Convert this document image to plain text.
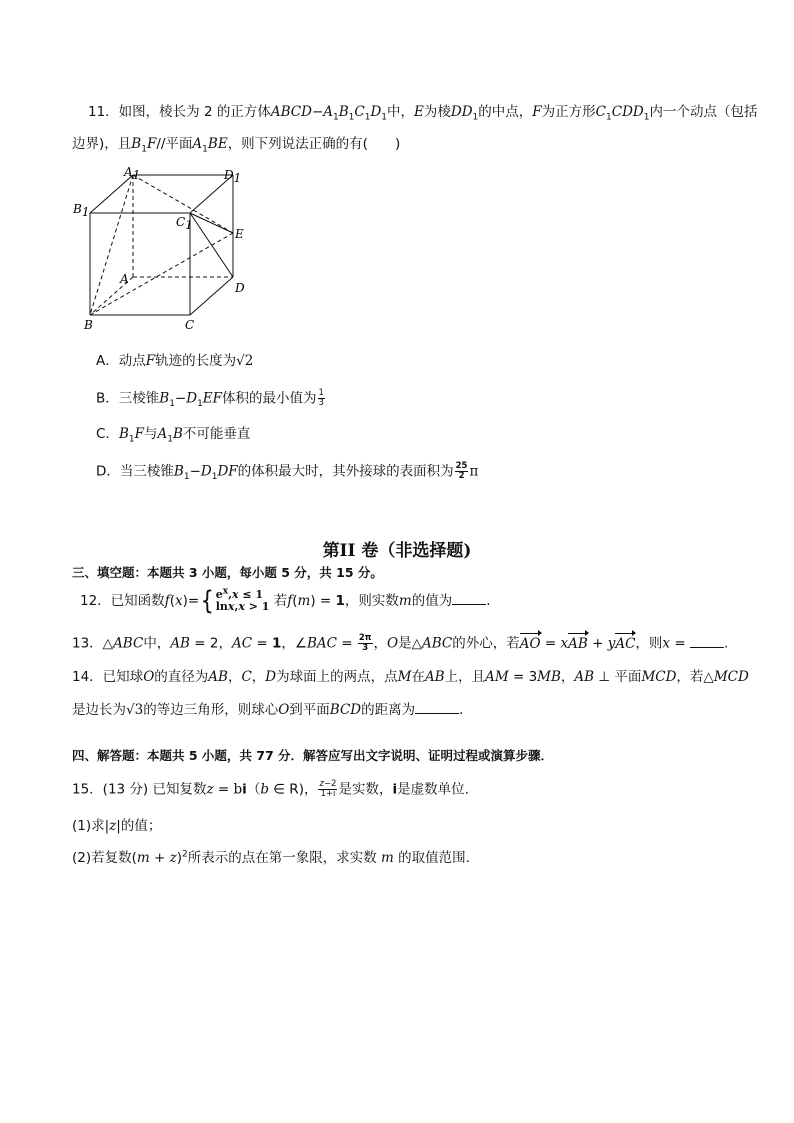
11．如图，棱长为 2 的正方体$ABCD-A_1B_1C_1D_1$中，E为棱$DD_1$的中点，F为正方形$C_1CDD_1$内一个动点（包括
边界)，且$B_1F//$平面$A_1BE$，则下列说法正确的有(　　)
A1	D1
B1
C1
E
A
D
B	C
A．动点F轨迹的长度为√2
B．三棱锥$B_1-D_1EF$体积的最小值为 $\frac{1}{3}$
C．$B_1F$与$A_1B$不可能垂直
D．当三棱锥$B_1-D_1DF$的体积最大时，其外接球的表面积为 $\frac{25}{2}$ π
第II 卷（非选择题)
三、填空题：本题共 3 小题，每小题 5 分，共 15 分。
12．已知函数f(x)={ $e^x,x \le 1$
lnx,x > 1 若f(m) = 1，则实数m的值为	.
13．△ABC中，AB = 2，AC = 1，∠BAC = $\frac{2\pi}{3}$ ，O是△ABC的外心，若AO = xAB + yAC，则x =	.
14．已知球O的直径为AB，C，D为球面上的两点，点M在AB上，且AM = 3MB，AB ⊥ 平面MCD，若△MCD
是边长为√3的等边三角形，则球心O到平面BCD的距离为	.
四、解答题：本题共 5 小题，共 77 分．解答应写出文字说明、证明过程或演算步骤．
15．(13 分) 已知复数z = bi（b ∈ R)， $\frac{z-2}{1+i}$ 是实数，i是虚数单位.
(1)求|z|的值；
(2)若复数$(m + z)^2$所表示的点在第一象限，求实数 m 的取值范围.
